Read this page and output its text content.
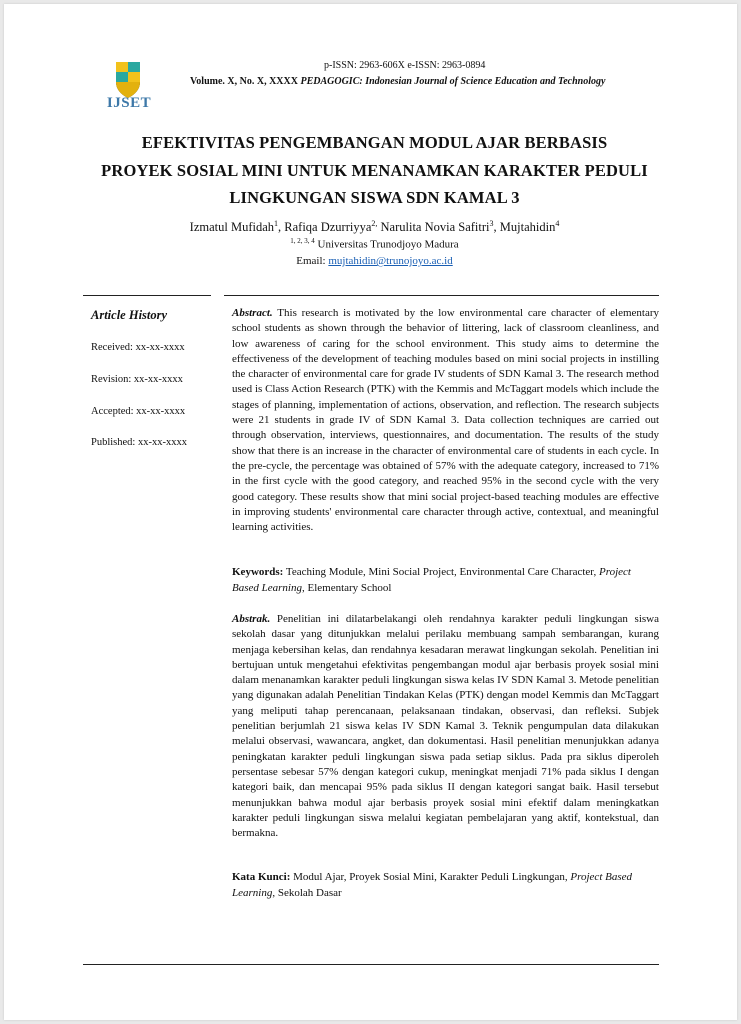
IJSET
p-ISSN: 2963-606X e-ISSN: 2963-0894
Volume. X, No. X, XXXX PEDAGOGIC: Indonesian Journal of Science Education and Technology
EFEKTIVITAS PENGEMBANGAN MODUL AJAR BERBASIS
PROYEK SOSIAL MINI UNTUK MENANAMKAN KARAKTER PEDULI
LINGKUNGAN SISWA SDN KAMAL 3
Izmatul Mufidah$^1$, Rafiqa Dzurriyya$^{2,}$ Narulita Novia Safitri$^3$, Mujtahidin$^4$
$^{1, 2, 3, 4}$ Universitas Trunodjoyo Madura
Email: mujtahidin@trunojoyo.ac.id
Article History
Received: xx-xx-xxxx
Revision: xx-xx-xxxx
Accepted: xx-xx-xxxx
Published: xx-xx-xxxx
Abstract. This research is motivated by the low environmental care character of elementary school students as shown through the behavior of littering, lack of classroom cleanliness, and low awareness of caring for the school environment. This study aims to determine the effectiveness of the development of teaching modules based on mini social projects in instilling the character of environmental care for grade IV students of SDN Kamal 3. The research method used is Class Action Research (PTK) with the Kemmis and McTaggart models which include the stages of planning, implementation of actions, observation, and reflection. The research subjects were 21 students in grade IV of SDN Kamal 3. Data collection techniques are carried out through observation, interviews, questionnaires, and documentation. The results of the study show that there is an increase in the character of environmental care of students in each cycle. In the pre-cycle, the percentage was obtained of 57% with the adequate category, increased to 71% in the first cycle with the good category, and reached 95% in the second cycle with the very good category. These results show that mini social project-based teaching modules are effective in improving students' environmental care character through active, contextual, and meaningful learning activities.
Keywords: Teaching Module, Mini Social Project, Environmental Care Character, Project Based Learning, Elementary School
Abstrak. Penelitian ini dilatarbelakangi oleh rendahnya karakter peduli lingkungan siswa sekolah dasar yang ditunjukkan melalui perilaku membuang sampah sembarangan, kurang menjaga kebersihan kelas, dan rendahnya kesadaran merawat lingkungan sekolah. Penelitian ini bertujuan untuk mengetahui efektivitas pengembangan modul ajar berbasis proyek sosial mini dalam menanamkan karakter peduli lingkungan siswa kelas IV SDN Kamal 3. Metode penelitian yang digunakan adalah Penelitian Tindakan Kelas (PTK) dengan model Kemmis dan McTaggart yang meliputi tahap perencanaan, pelaksanaan tindakan, observasi, dan refleksi. Subjek penelitian berjumlah 21 siswa kelas IV SDN Kamal 3. Teknik pengumpulan data dilakukan melalui observasi, wawancara, angket, dan dokumentasi. Hasil penelitian menunjukkan adanya peningkatan karakter peduli lingkungan siswa pada setiap siklus. Pada pra siklus diperoleh persentase sebesar 57% dengan kategori cukup, meningkat menjadi 71% pada siklus I dengan kategori baik, dan mencapai 95% pada siklus II dengan kategori sangat baik. Hasil tersebut menunjukkan bahwa modul ajar berbasis proyek sosial mini efektif dalam meningkatkan karakter peduli lingkungan siswa melalui kegiatan pembelajaran yang aktif, kontekstual, dan bermakna.
Kata Kunci: Modul Ajar, Proyek Sosial Mini, Karakter Peduli Lingkungan, Project Based Learning, Sekolah Dasar
